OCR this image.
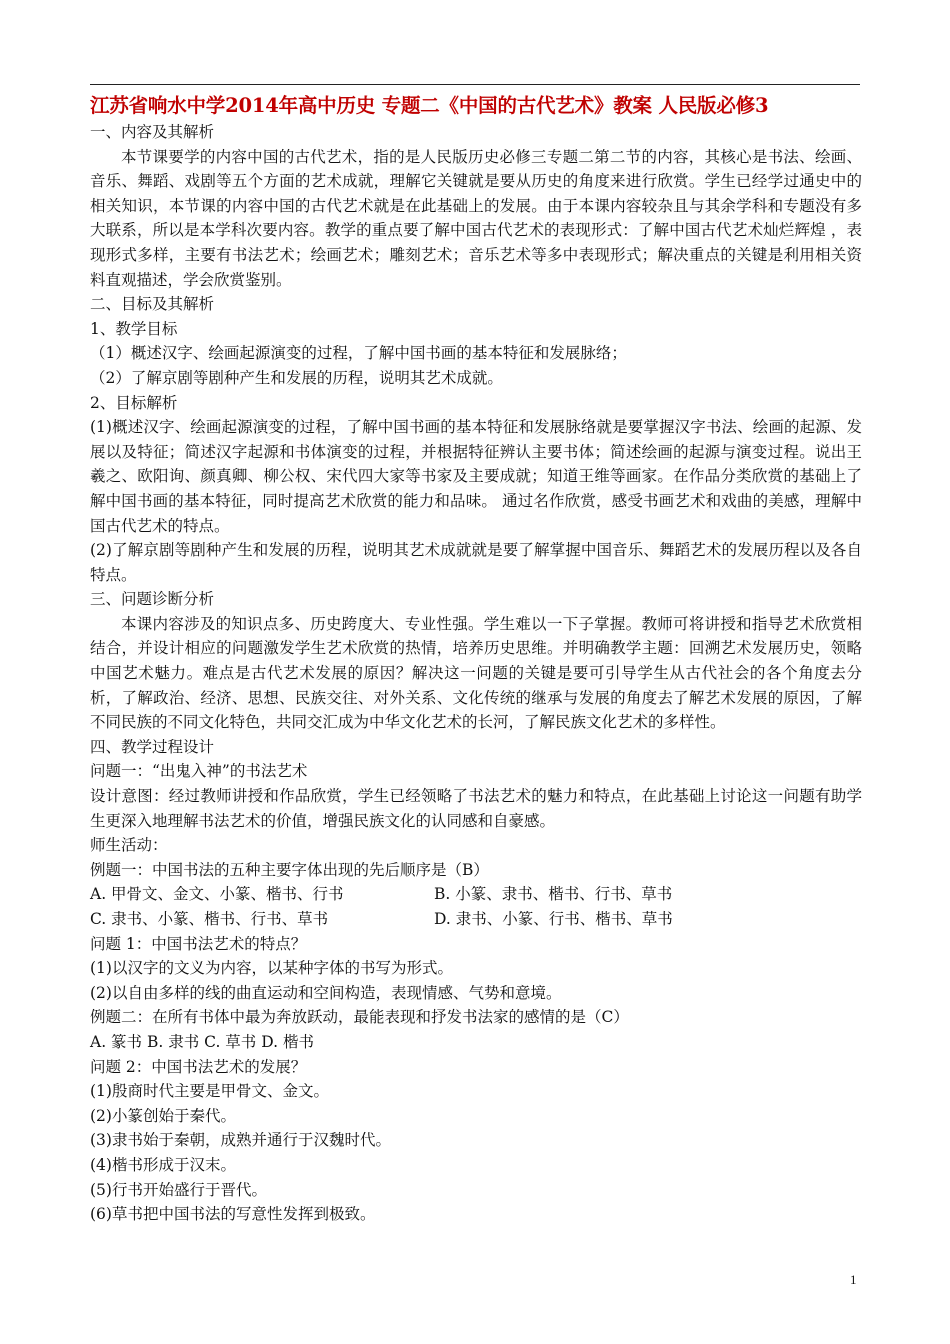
江苏省响水中学2014年高中历史 专题二《中国的古代艺术》教案 人民版必修3

一、内容及其解析

本节课要学的内容中国的古代艺术，指的是人民版历史必修三专题二第二节的内容，其核心是书法、绘画、音乐、舞蹈、戏剧等五个方面的艺术成就，理解它关键就是要从历史的角度来进行欣赏。学生已经学过通史中的相关知识，本节课的内容中国的古代艺术就是在此基础上的发展。由于本课内容较杂且与其余学科和专题没有多大联系，所以是本学科次要内容。教学的重点要了解中国古代艺术的表现形式：了解中国古代艺术灿烂辉煌 ，表现形式多样，主要有书法艺术；绘画艺术；雕刻艺术；音乐艺术等多中表现形式；解决重点的关键是利用相关资料直观描述，学会欣赏鉴别。

二、目标及其解析

1、教学目标

（1）概述汉字、绘画起源演变的过程，了解中国书画的基本特征和发展脉络；

（2）了解京剧等剧种产生和发展的历程，说明其艺术成就。

2、目标解析

(1)概述汉字、绘画起源演变的过程，了解中国书画的基本特征和发展脉络就是要掌握汉字书法、绘画的起源、发展以及特征；简述汉字起源和书体演变的过程，并根据特征辨认主要书体；简述绘画的起源与演变过程。说出王羲之、欧阳询、颜真卿、柳公权、宋代四大家等书家及主要成就；知道王维等画家。在作品分类欣赏的基础上了解中国书画的基本特征，同时提高艺术欣赏的能力和品味。 通过名作欣赏，感受书画艺术和戏曲的美感，理解中国古代艺术的特点。

(2)了解京剧等剧种产生和发展的历程，说明其艺术成就就是要了解掌握中国音乐、舞蹈艺术的发展历程以及各自特点。

三、问题诊断分析

本课内容涉及的知识点多、历史跨度大、专业性强。学生难以一下子掌握。教师可将讲授和指导艺术欣赏相结合，并设计相应的问题激发学生艺术欣赏的热情，培养历史思维。并明确教学主题：回溯艺术发展历史，领略中国艺术魅力。难点是古代艺术发展的原因？解决这一问题的关键是要可引导学生从古代社会的各个角度去分析，了解政治、经济、思想、民族交往、对外关系、文化传统的继承与发展的角度去了解艺术发展的原因，了解不同民族的不同文化特色，共同交汇成为中华文化艺术的长河，了解民族文化艺术的多样性。

四、教学过程设计

问题一：“出鬼入神”的书法艺术

设计意图：经过教师讲授和作品欣赏，学生已经领略了书法艺术的魅力和特点，在此基础上讨论这一问题有助学生更深入地理解书法艺术的价值，增强民族文化的认同感和自豪感。

师生活动：

例题一：中国书法的五种主要字体出现的先后顺序是（B）

A. 甲骨文、金文、小篆、楷书、行书	B. 小篆、隶书、楷书、行书、草书
C. 隶书、小篆、楷书、行书、草书	D. 隶书、小篆、行书、楷书、草书

问题 1：中国书法艺术的特点？

(1)以汉字的文义为内容，以某种字体的书写为形式。

(2)以自由多样的线的曲直运动和空间构造，表现情感、气势和意境。

例题二：在所有书体中最为奔放跃动，最能表现和抒发书法家的感情的是（C）

A. 篆书 B. 隶书 C. 草书 D. 楷书

问题 2：中国书法艺术的发展？

(1)殷商时代主要是甲骨文、金文。

(2)小篆创始于秦代。

(3)隶书始于秦朝，成熟并通行于汉魏时代。

(4)楷书形成于汉末。

(5)行书开始盛行于晋代。

(6)草书把中国书法的写意性发挥到极致。

1
